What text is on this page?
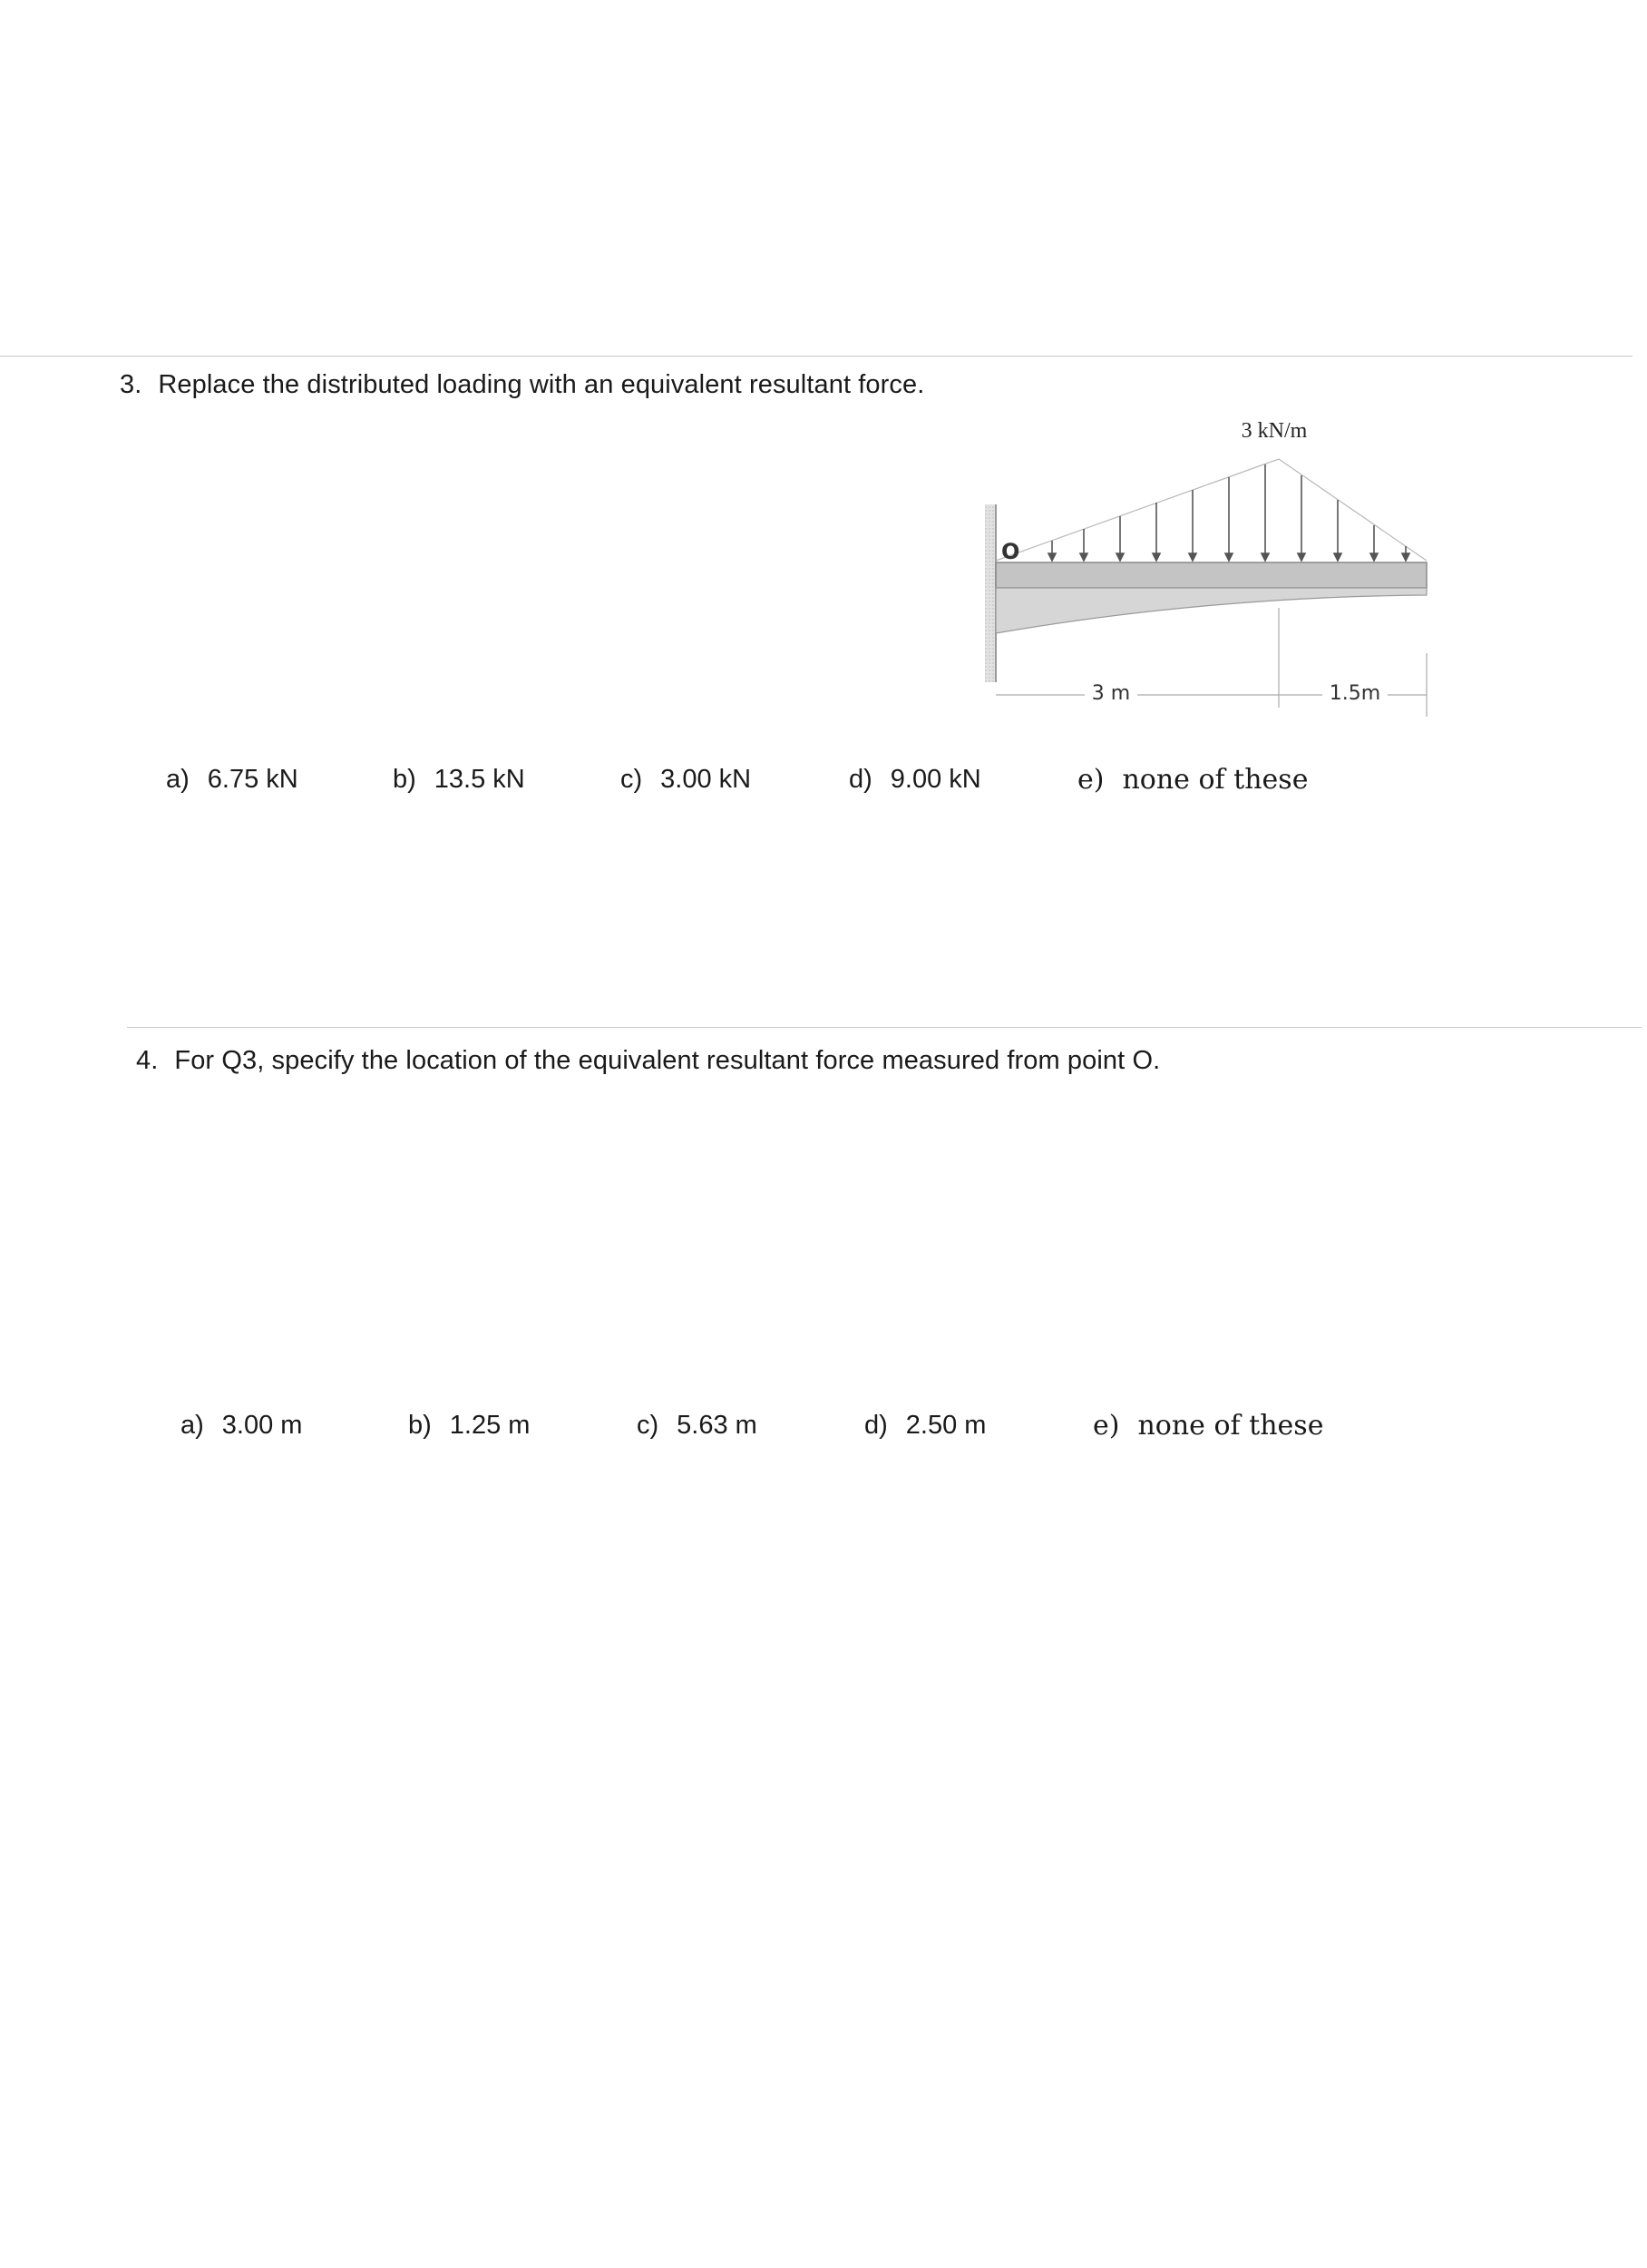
3. Replace the distributed loading with an equivalent resultant force.
3 kN/m
O
3 m	1.5m
a) 6.75 kN	b) 13.5 kN	c) 3.00 kN	d) 9.00 kN	e) none of these
4. For Q3, specify the location of the equivalent resultant force measured from point O.
a) 3.00 m	b) 1.25 m	c) 5.63 m	d) 2.50 m	e) none of these
